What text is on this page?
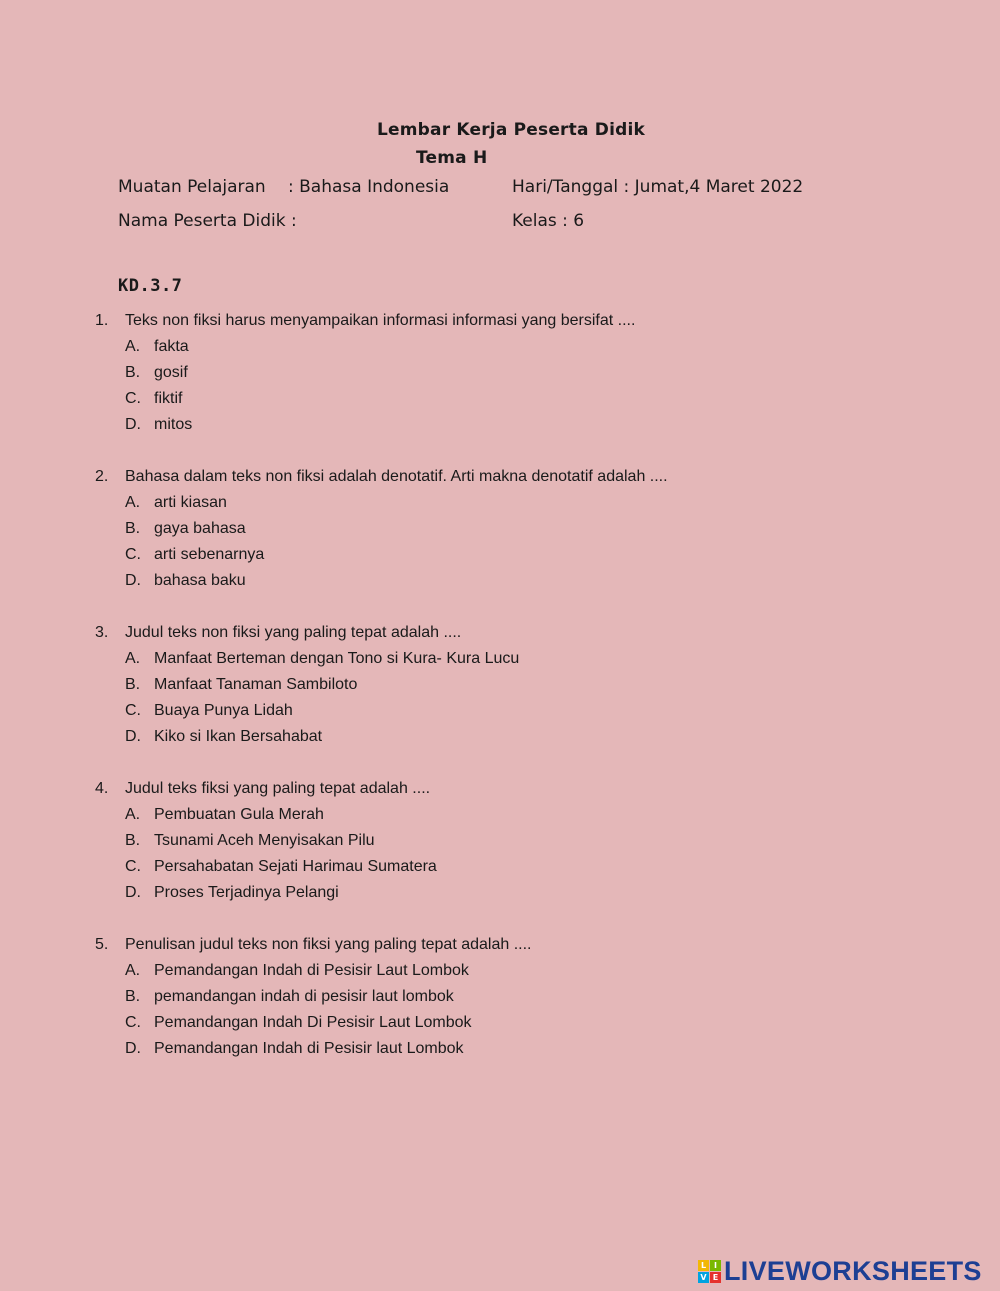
Lembar Kerja Peserta Didik
Tema H
Muatan Pelajaran : Bahasa Indonesia	Hari/Tanggal : Jumat,4 Maret 2022
Nama Peserta Didik :	Kelas : 6
KD.3.7
1.	Teks non fiksi harus menyampaikan informasi informasi yang bersifat ....
A. fakta
B. gosif
C. fiktif
D. mitos
2.	Bahasa dalam teks non fiksi adalah denotatif. Arti makna denotatif adalah ....
A. arti kiasan
B. gaya bahasa
C. arti sebenarnya
D. bahasa baku
3.	Judul teks non fiksi yang paling tepat adalah ....
A. Manfaat Berteman dengan Tono si Kura- Kura Lucu
B. Manfaat Tanaman Sambiloto
C. Buaya Punya Lidah
D. Kiko si Ikan Bersahabat
4.	Judul teks fiksi yang paling tepat adalah ....
A. Pembuatan Gula Merah
B. Tsunami Aceh Menyisakan Pilu
C. Persahabatan Sejati Harimau Sumatera
D. Proses Terjadinya Pelangi
5.	Penulisan judul teks non fiksi yang paling tepat adalah ....
A. Pemandangan Indah di Pesisir Laut Lombok
B. pemandangan indah di pesisir laut lombok
C. Pemandangan Indah Di Pesisir Laut Lombok
D. Pemandangan Indah di Pesisir laut Lombok
L I
V E LIVEWORKSHEETS
